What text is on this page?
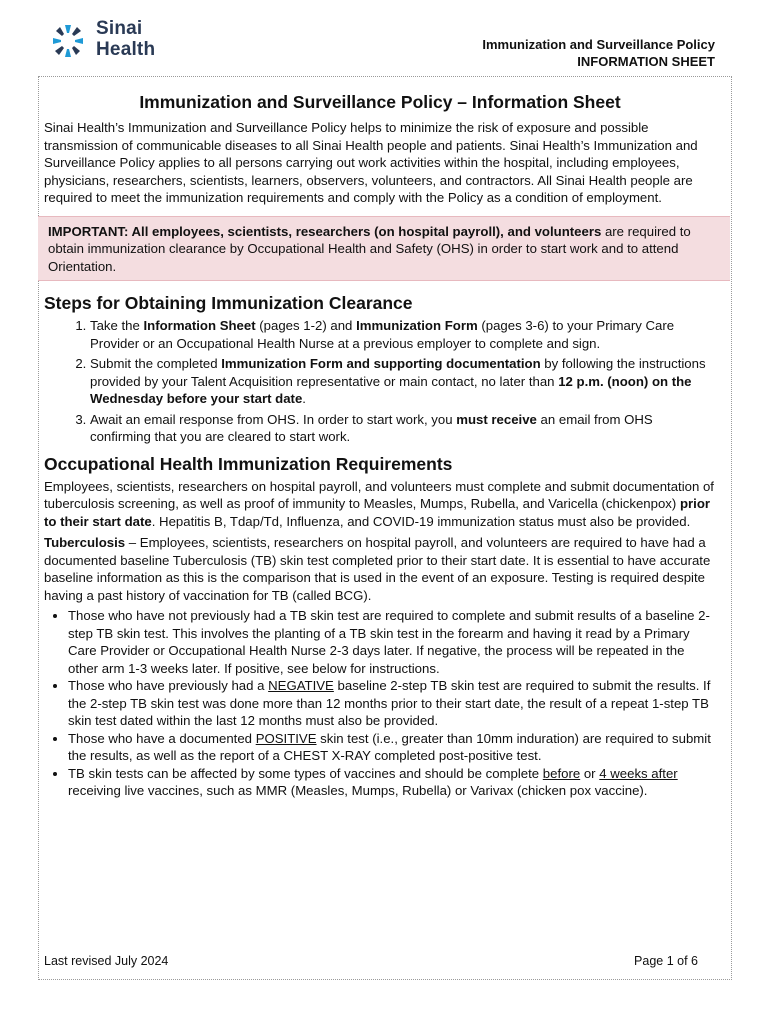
Sinai
Health	Immunization and Surveillance Policy
INFORMATION SHEET
Immunization and Surveillance Policy – Information Sheet

Sinai Health’s Immunization and Surveillance Policy helps to minimize the risk of exposure and possible transmission of communicable diseases to all Sinai Health people and patients. Sinai Health’s Immunization and Surveillance Policy applies to all persons carrying out work activities within the hospital, including employees, physicians, researchers, scientists, learners, observers, volunteers, and contractors. All Sinai Health people are required to meet the immunization requirements and comply with the Policy as a condition of employment.

IMPORTANT: All employees, scientists, researchers (on hospital payroll), and volunteers are required to obtain immunization clearance by Occupational Health and Safety (OHS) in order to start work and to attend Orientation.
Steps for Obtaining Immunization Clearance
1. Take the Information Sheet (pages 1-2) and Immunization Form (pages 3-6) to your Primary Care Provider or an Occupational Health Nurse at a previous employer to complete and sign.
2. Submit the completed Immunization Form and supporting documentation by following the instructions provided by your Talent Acquisition representative or main contact, no later than 12 p.m. (noon) on the Wednesday before your start date.
3. Await an email response from OHS. In order to start work, you must receive an email from OHS confirming that you are cleared to start work.
Occupational Health Immunization Requirements

Employees, scientists, researchers on hospital payroll, and volunteers must complete and submit documentation of tuberculosis screening, as well as proof of immunity to Measles, Mumps, Rubella, and Varicella (chickenpox) prior to their start date. Hepatitis B, Tdap/Td, Influenza, and COVID-19 immunization status must also be provided.

Tuberculosis – Employees, scientists, researchers on hospital payroll, and volunteers are required to have had a documented baseline Tuberculosis (TB) skin test completed prior to their start date. It is essential to have accurate baseline information as this is the comparison that is used in the event of an exposure. Testing is required despite having a past history of vaccination for TB (called BCG).

• Those who have not previously had a TB skin test are required to complete and submit results of a baseline 2-step TB skin test. This involves the planting of a TB skin test in the forearm and having it read by a Primary Care Provider or Occupational Health Nurse 2-3 days later. If negative, the process will be repeated in the other arm 1-3 weeks later. If positive, see below for instructions.
• Those who have previously had a NEGATIVE baseline 2-step TB skin test are required to submit the results. If the 2-step TB skin test was done more than 12 months prior to their start date, the result of a repeat 1-step TB skin test dated within the last 12 months must also be provided.
• Those who have a documented POSITIVE skin test (i.e., greater than 10mm induration) are required to submit the results, as well as the report of a CHEST X-RAY completed post-positive test.
• TB skin tests can be affected by some types of vaccines and should be complete before or 4 weeks after receiving live vaccines, such as MMR (Measles, Mumps, Rubella) or Varivax (chicken pox vaccine).
Last revised July 2024	Page 1 of 6
